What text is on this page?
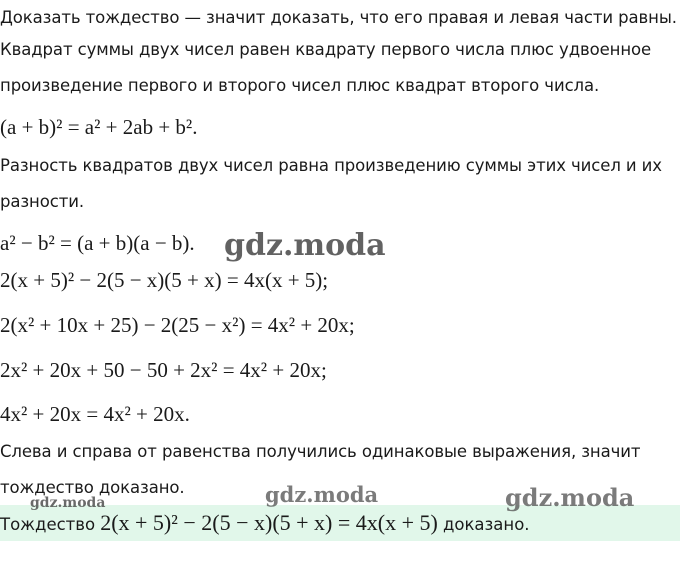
Доказать тождество — значит доказать, что его правая и левая части равны.
Квадрат суммы двух чисел равен квадрату первого числа плюс удвоенное
произведение первого и второго чисел плюс квадрат второго числа.
(a + b)² = a² + 2ab + b².
Разность квадратов двух чисел равна произведению суммы этих чисел и их
разности.
a² − b² = (a + b)(a − b).
2(x + 5)² − 2(5 − x)(5 + x) = 4x(x + 5);
2(x² + 10x + 25) − 2(25 − x²) = 4x² + 20x;
2x² + 20x + 50 − 50 + 2x² = 4x² + 20x;
4x² + 20x = 4x² + 20x.
Слева и справа от равенства получились одинаковые выражения, значит
тождество доказано.
Тождество 2(x + 5)² − 2(5 − x)(5 + x) = 4x(x + 5) доказано.
gdz.moda
gdz.moda
gdz.moda	gdz.moda
